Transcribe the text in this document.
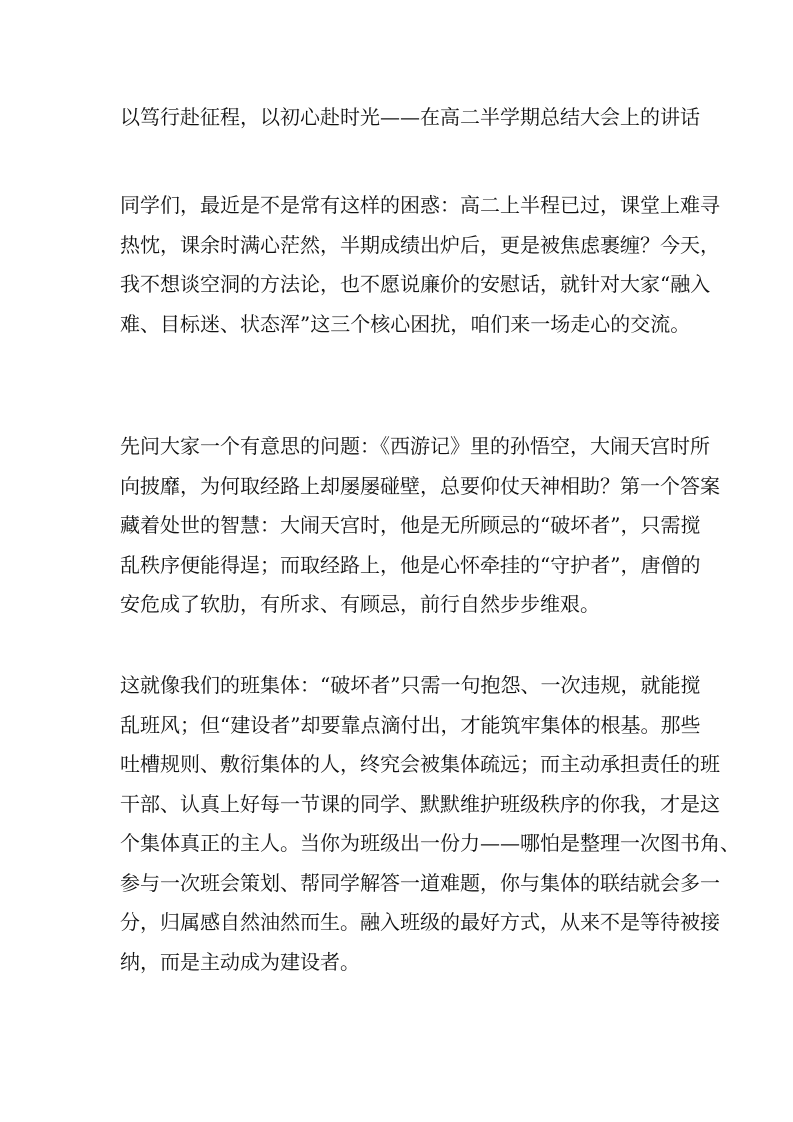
以笃行赴征程，以初心赴时光——在高二半学期总结大会上的讲话
同学们，最近是不是常有这样的困惑：高二上半程已过，课堂上难寻
热忱，课余时满心茫然，半期成绩出炉后，更是被焦虑裹缠？今天，
我不想谈空洞的方法论，也不愿说廉价的安慰话，就针对大家“融入
难、目标迷、状态浑”这三个核心困扰，咱们来一场走心的交流。
先问大家一个有意思的问题：《西游记》里的孙悟空，大闹天宫时所
向披靡，为何取经路上却屡屡碰壁，总要仰仗天神相助？第一个答案
藏着处世的智慧：大闹天宫时，他是无所顾忌的“破坏者”，只需搅
乱秩序便能得逞；而取经路上，他是心怀牵挂的“守护者”，唐僧的
安危成了软肋，有所求、有顾忌，前行自然步步维艰。
这就像我们的班集体：“破坏者”只需一句抱怨、一次违规，就能搅
乱班风；但“建设者”却要靠点滴付出，才能筑牢集体的根基。那些
吐槽规则、敷衍集体的人，终究会被集体疏远；而主动承担责任的班
干部、认真上好每一节课的同学、默默维护班级秩序的你我，才是这
个集体真正的主人。当你为班级出一份力——哪怕是整理一次图书角、
参与一次班会策划、帮同学解答一道难题，你与集体的联结就会多一
分，归属感自然油然而生。融入班级的最好方式，从来不是等待被接
纳，而是主动成为建设者。
